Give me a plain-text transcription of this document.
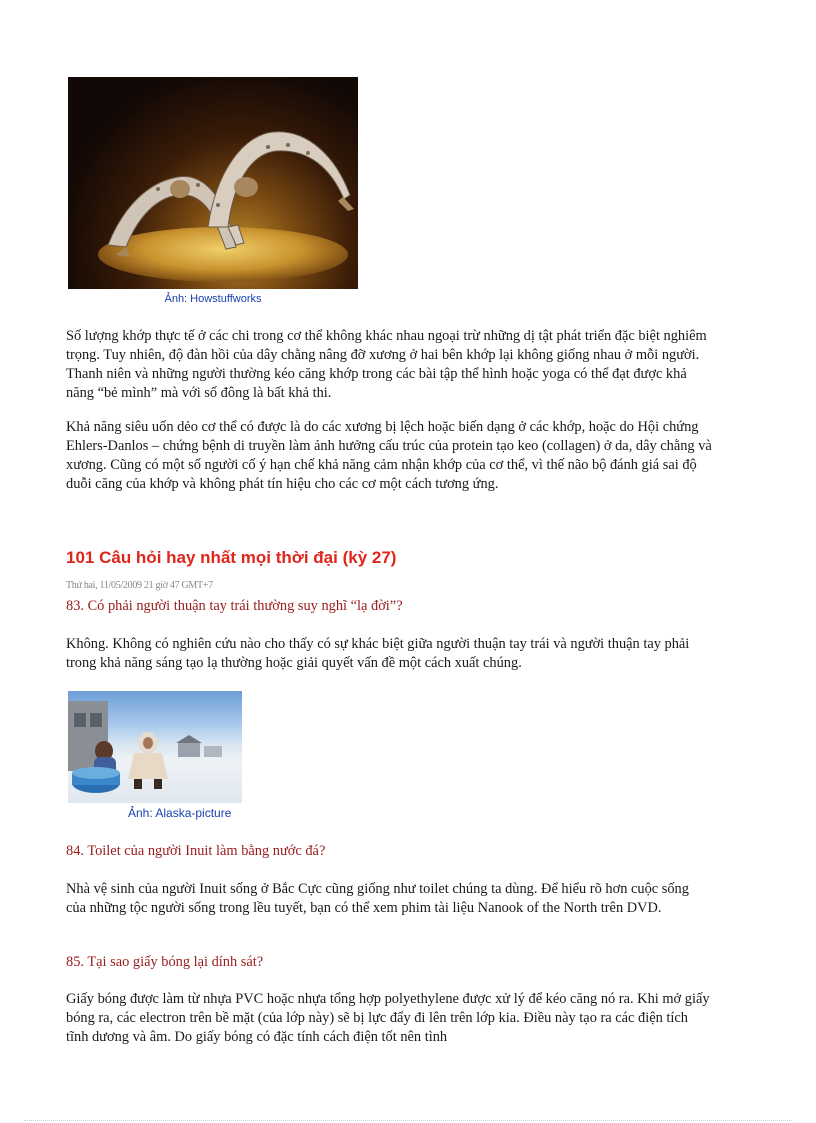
Ảnh: Howstuffworks

Số lượng khớp thực tế ở các chi trong cơ thể không khác nhau ngoại trừ những dị tật phát triển đặc biệt nghiêm trọng. Tuy nhiên, độ đàn hồi của dây chằng nâng đỡ xương ở hai bên khớp lại không giống nhau ở mỗi người. Thanh niên và những người thường kéo căng khớp trong các bài tập thể hình hoặc yoga có thể đạt được khả năng “bẻ mình” mà với số đông là bất khả thi.

Khả năng siêu uốn dẻo cơ thể có được là do các xương bị lệch hoặc biến dạng ở các khớp, hoặc do Hội chứng Ehlers-Danlos – chứng bệnh di truyền làm ảnh hưởng cấu trúc của protein tạo keo (collagen) ở da, dây chằng và xương. Cũng có một số người cố ý hạn chế khả năng cảm nhận khớp của cơ thể, vì thế não bộ đánh giá sai độ duỗi căng của khớp và không phát tín hiệu cho các cơ một cách tương ứng.

101 Câu hỏi hay nhất mọi thời đại (kỳ 27)
Thứ hai, 11/05/2009 21 giờ 47 GMT+7

83. Có phải người thuận tay trái thường suy nghĩ “lạ đời”?

Không. Không có nghiên cứu nào cho thấy có sự khác biệt giữa người thuận tay trái và người thuận tay phải trong khả năng sáng tạo lạ thường hoặc giải quyết vấn đề một cách xuất chúng.

Ảnh: Alaska-picture

84. Toilet của người Inuit làm bằng nước đá?

Nhà vệ sinh của người Inuit sống ở Bắc Cực cũng giống như toilet chúng ta dùng. Để hiểu rõ hơn cuộc sống của những tộc người sống trong lều tuyết, bạn có thể xem phim tài liệu Nanook of the North trên DVD.

85. Tại sao giấy bóng lại dính sát?

Giấy bóng được làm từ nhựa PVC hoặc nhựa tổng hợp polyethylene được xử lý để kéo căng nó ra. Khi mở giấy bóng ra, các electron trên bề mặt (của lớp này) sẽ bị lực đẩy đi lên trên lớp kia. Điều này tạo ra các điện tích tĩnh dương và âm. Do giấy bóng có đặc tính cách điện tốt nên tình
